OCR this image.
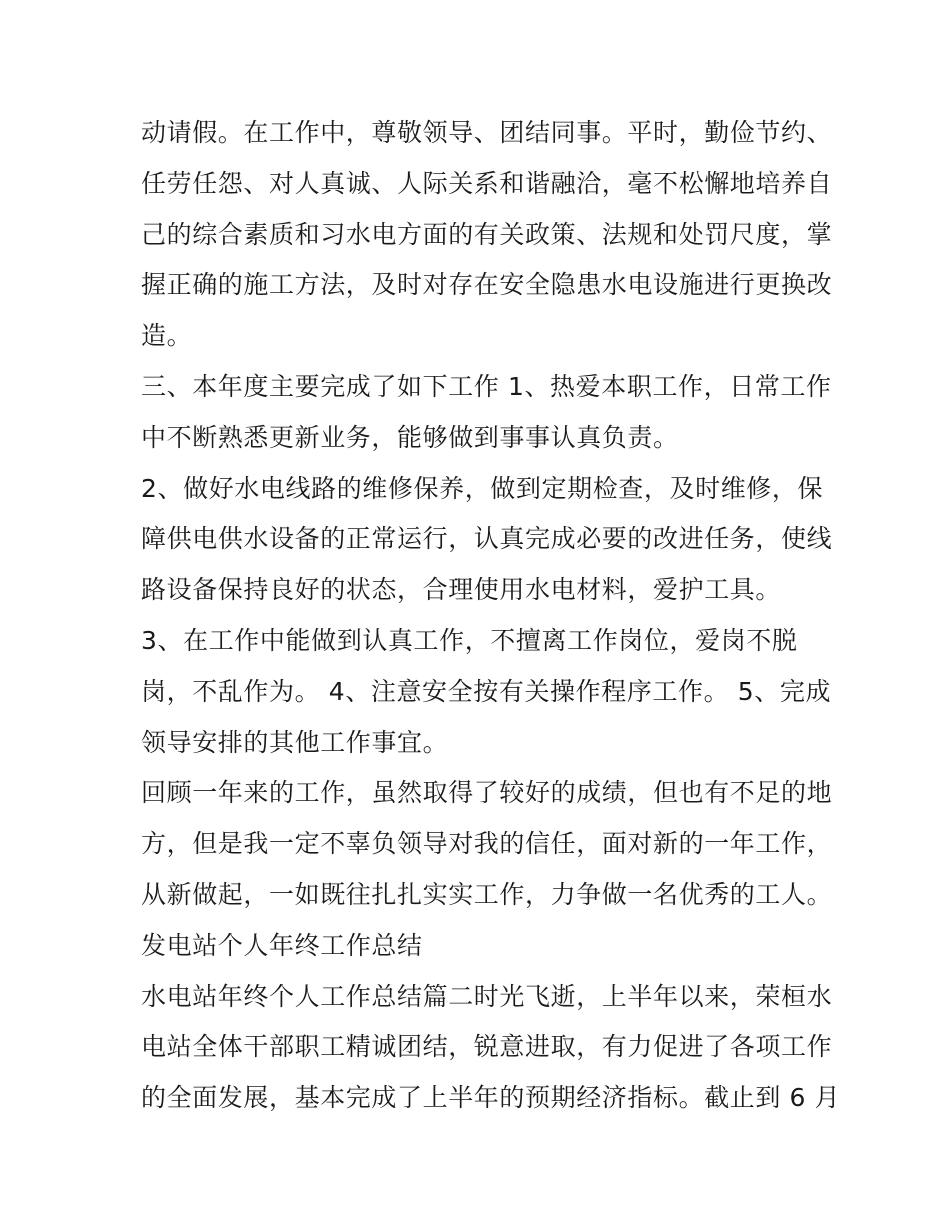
动请假。在工作中，尊敬领导、团结同事。平时，勤俭节约、
任劳任怨、对人真诚、人际关系和谐融洽，毫不松懈地培养自
己的综合素质和习水电方面的有关政策、法规和处罚尺度，掌
握正确的施工方法，及时对存在安全隐患水电设施进行更换改
造。
三、本年度主要完成了如下工作 1、热爱本职工作，日常工作
中不断熟悉更新业务，能够做到事事认真负责。
2、做好水电线路的维修保养，做到定期检查，及时维修，保
障供电供水设备的正常运行，认真完成必要的改进任务，使线
路设备保持良好的状态，合理使用水电材料，爱护工具。
3、在工作中能做到认真工作，不擅离工作岗位，爱岗不脱
岗，不乱作为。 4、注意安全按有关操作程序工作。 5、完成
领导安排的其他工作事宜。
回顾一年来的工作，虽然取得了较好的成绩，但也有不足的地
方，但是我一定不辜负领导对我的信任，面对新的一年工作，
从新做起，一如既往扎扎实实工作，力争做一名优秀的工人。
发电站个人年终工作总结
水电站年终个人工作总结篇二时光飞逝，上半年以来，荣桓水
电站全体干部职工精诚团结，锐意进取，有力促进了各项工作
的全面发展，基本完成了上半年的预期经济指标。截止到 6 月
